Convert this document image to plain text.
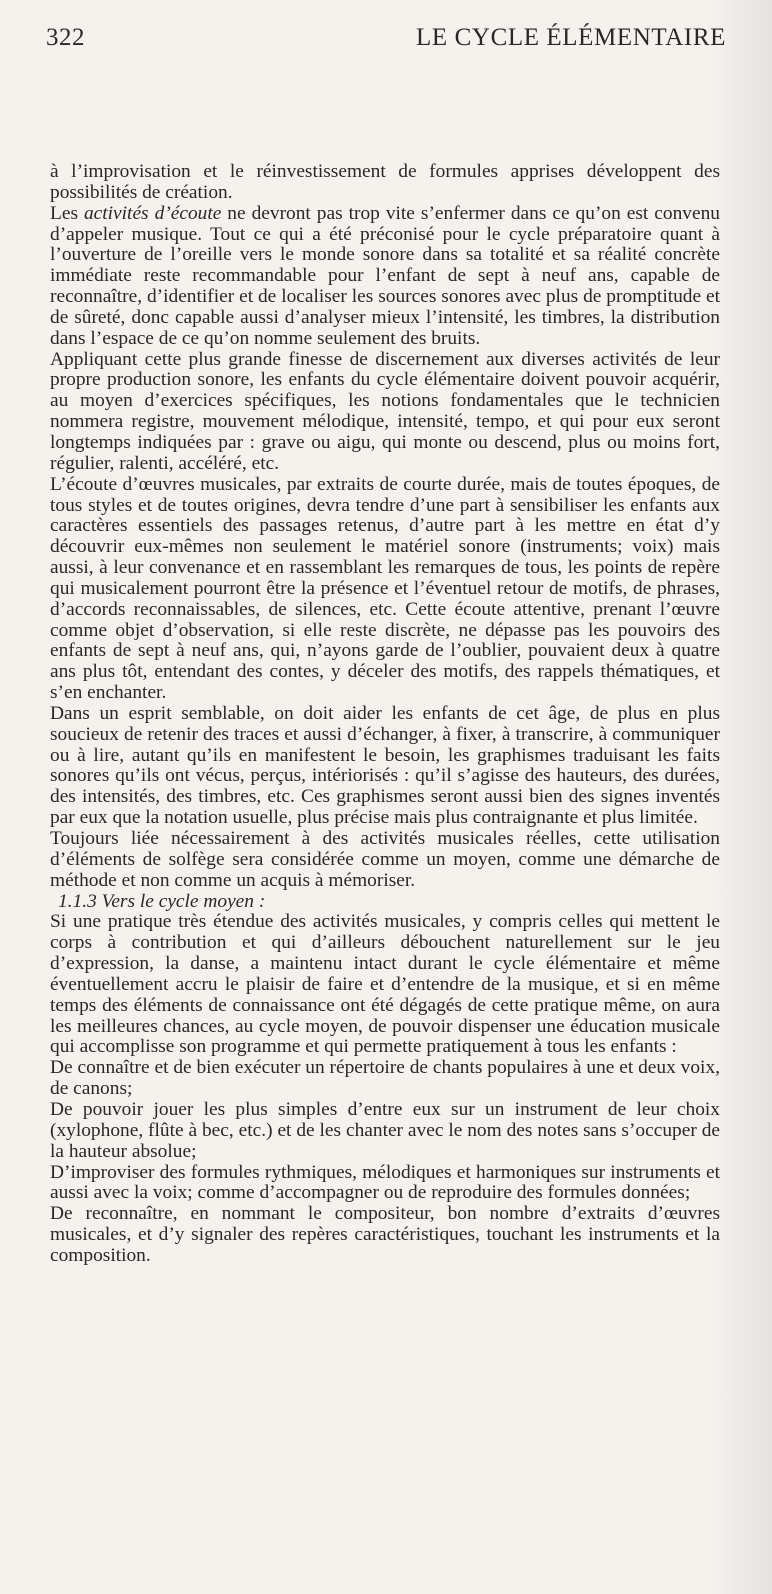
322	LE CYCLE ÉLÉMENTAIRE

à l’improvisation et le réinvestissement de formules apprises développent des possibilités de création.

Les activités d’écoute ne devront pas trop vite s’enfermer dans ce qu’on est convenu d’appeler musique. Tout ce qui a été préconisé pour le cycle préparatoire quant à l’ouverture de l’oreille vers le monde sonore dans sa totalité et sa réalité concrète immédiate reste recommandable pour l’enfant de sept à neuf ans, capable de reconnaître, d’identifier et de localiser les sources sonores avec plus de promptitude et de sûreté, donc capable aussi d’analyser mieux l’intensité, les timbres, la distribution dans l’espace de ce qu’on nomme seulement des bruits.

Appliquant cette plus grande finesse de discernement aux diverses activités de leur propre production sonore, les enfants du cycle élémentaire doivent pouvoir acquérir, au moyen d’exercices spécifiques, les notions fondamentales que le technicien nommera registre, mouvement mélodique, intensité, tempo, et qui pour eux seront longtemps indiquées par : grave ou aigu, qui monte ou descend, plus ou moins fort, régulier, ralenti, accéléré, etc.

L’écoute d’œuvres musicales, par extraits de courte durée, mais de toutes époques, de tous styles et de toutes origines, devra tendre d’une part à sensibiliser les enfants aux caractères essentiels des passages retenus, d’autre part à les mettre en état d’y découvrir eux-mêmes non seulement le matériel sonore (instruments; voix) mais aussi, à leur convenance et en rassemblant les remarques de tous, les points de repère qui musicalement pourront être la présence et l’éventuel retour de motifs, de phrases, d’accords reconnaissables, de silences, etc. Cette écoute attentive, prenant l’œuvre comme objet d’observation, si elle reste discrète, ne dépasse pas les pouvoirs des enfants de sept à neuf ans, qui, n’ayons garde de l’oublier, pouvaient deux à quatre ans plus tôt, entendant des contes, y déceler des motifs, des rappels thématiques, et s’en enchanter.

Dans un esprit semblable, on doit aider les enfants de cet âge, de plus en plus soucieux de retenir des traces et aussi d’échanger, à fixer, à transcrire, à communiquer ou à lire, autant qu’ils en manifestent le besoin, les graphismes traduisant les faits sonores qu’ils ont vécus, perçus, intériorisés : qu’il s’agisse des hauteurs, des durées, des intensités, des timbres, etc. Ces graphismes seront aussi bien des signes inventés par eux que la notation usuelle, plus précise mais plus contraignante et plus limitée.

Toujours liée nécessairement à des activités musicales réelles, cette utilisation d’éléments de solfège sera considérée comme un moyen, comme une démarche de méthode et non comme un acquis à mémoriser.

1.1.3 Vers le cycle moyen :

Si une pratique très étendue des activités musicales, y compris celles qui mettent le corps à contribution et qui d’ailleurs débouchent naturellement sur le jeu d’expression, la danse, a maintenu intact durant le cycle élémentaire et même éventuellement accru le plaisir de faire et d’entendre de la musique, et si en même temps des éléments de connaissance ont été dégagés de cette pratique même, on aura les meilleures chances, au cycle moyen, de pouvoir dispenser une éducation musicale qui accomplisse son programme et qui permette pratiquement à tous les enfants :

De connaître et de bien exécuter un répertoire de chants populaires à une et deux voix, de canons;

De pouvoir jouer les plus simples d’entre eux sur un instrument de leur choix (xylophone, flûte à bec, etc.) et de les chanter avec le nom des notes sans s’occuper de la hauteur absolue;

D’improviser des formules rythmiques, mélodiques et harmoniques sur instruments et aussi avec la voix; comme d’accompagner ou de reproduire des formules données;

De reconnaître, en nommant le compositeur, bon nombre d’extraits d’œuvres musicales, et d’y signaler des repères caractéristiques, touchant les instruments et la composition.
